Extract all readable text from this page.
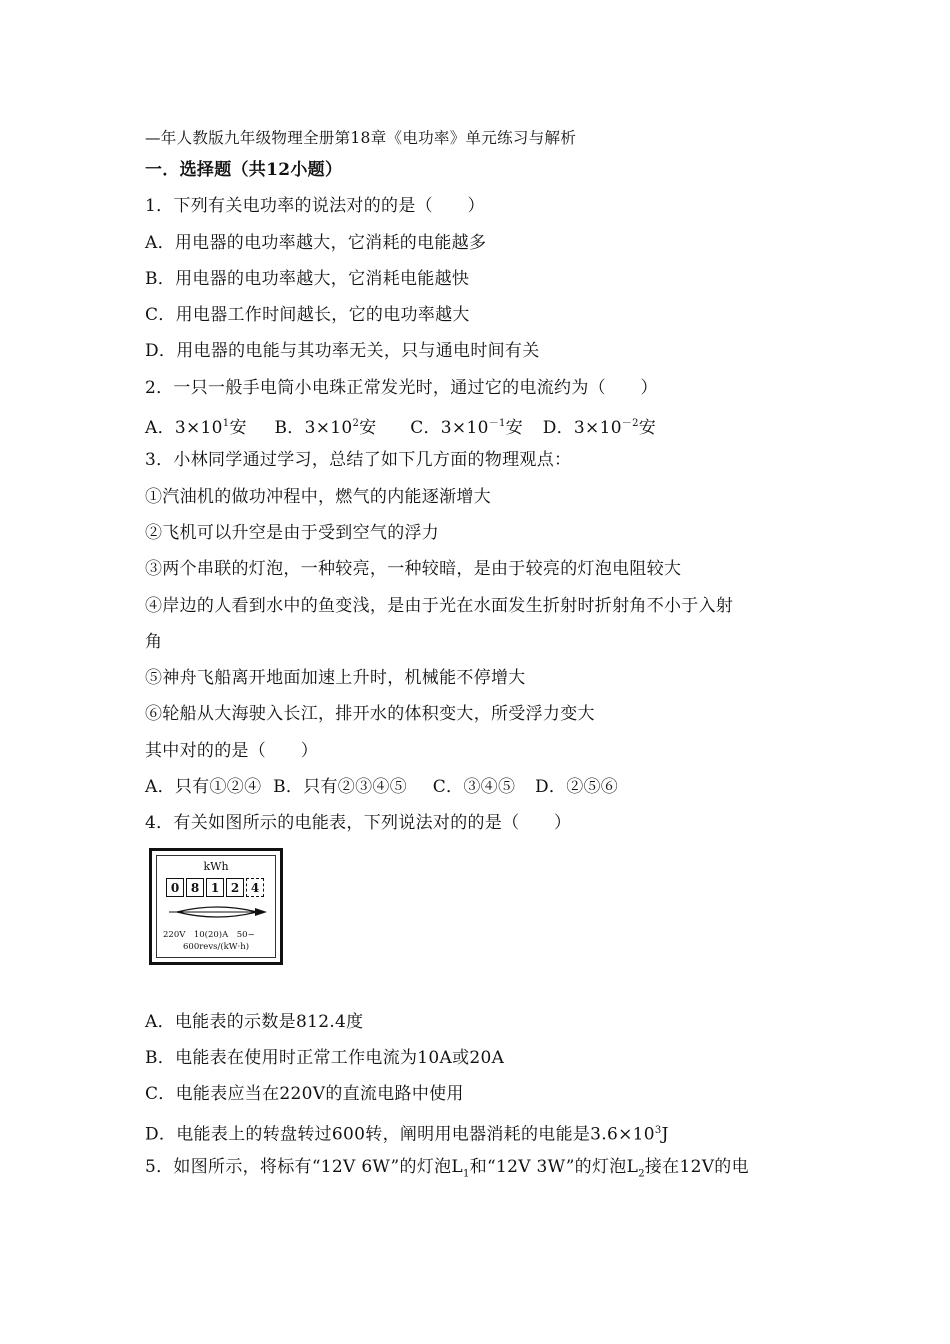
—年人教版九年级物理全册第18章《电功率》单元练习与解析
一．选择题（共12小题）
1．下列有关电功率的说法对的的是（　　）
A．用电器的电功率越大，它消耗的电能越多
B．用电器的电功率越大，它消耗电能越快
C．用电器工作时间越长，它的电功率越大
D．用电器的电能与其功率无关，只与通电时间有关
2．一只一般手电筒小电珠正常发光时，通过它的电流约为（　　）
A．$3\times 10^1$安 B．$3\times 10^2$安 C．$3\times 10^{-1}$安 D．$3\times 10^{-2}$安
3．小林同学通过学习，总结了如下几方面的物理观点：
①汽油机的做功冲程中，燃气的内能逐渐增大
②飞机可以升空是由于受到空气的浮力
③两个串联的灯泡，一种较亮，一种较暗，是由于较亮的灯泡电阻较大
④岸边的人看到水中的鱼变浅，是由于光在水面发生折射时折射角不小于入射
角
⑤神舟飞船离开地面加速上升时，机械能不停增大
⑥轮船从大海驶入长江，排开水的体积变大，所受浮力变大
其中对的的是（　　）
A．只有①②④ B．只有②③④⑤ C．③④⑤ D．②⑤⑥
4．有关如图所示的电能表，下列说法对的的是（　　）
kWh
0 8 1 2 4
220V　10(20)A　50~
600revs/(kW·h)
A．电能表的示数是812.4度
B．电能表在使用时正常工作电流为10A或20A
C．电能表应当在220V的直流电路中使用
D．电能表上的转盘转过600转，阐明用电器消耗的电能是$3.6\times 10^3J$
5．如图所示，将标有“12V 6W”的灯泡$L_1$和“12V 3W”的灯泡$L_2$接在12V的电
